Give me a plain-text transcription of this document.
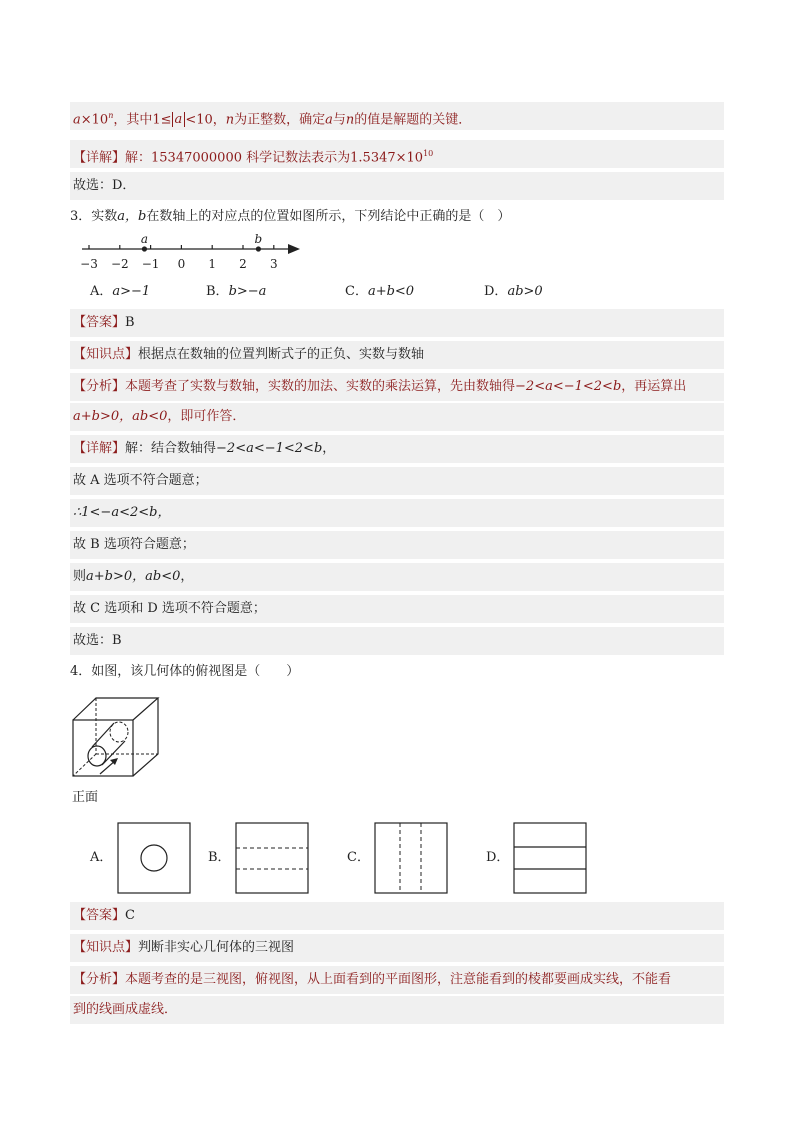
$a\times 10^n$，其中1≤ a <10，n为正整数，确定a与n的值是解题的关键．
【详解】解：15347000000 科学记数法表示为$1.5347\times 10^{10}$
故选：D．
3．实数a，b在数轴上的对应点的位置如图所示，下列结论中正确的是（　）
−3 −2 −1 0 1 2 3
a	b
A．a>−1	B．b>−a	C．a+b<0	D．ab>0
【答案】B
【知识点】根据点在数轴的位置判断式子的正负、实数与数轴
【分析】本题考查了实数与数轴，实数的加法、实数的乘法运算，先由数轴得−2<a<−1<2<b，再运算出
a+b>0，ab<0，即可作答．
【详解】解：结合数轴得−2<a<−1<2<b，
故 A 选项不符合题意；
∴1<−a<2<b，
故 B 选项符合题意；
则a+b>0，ab<0，
故 C 选项和 D 选项不符合题意；
故选：B
4．如图，该几何体的俯视图是（　　）
正面
A．	B．	C．	D．
【答案】C
【知识点】判断非实心几何体的三视图
【分析】本题考查的是三视图，俯视图，从上面看到的平面图形，注意能看到的棱都要画成实线，不能看
到的线画成虚线．
